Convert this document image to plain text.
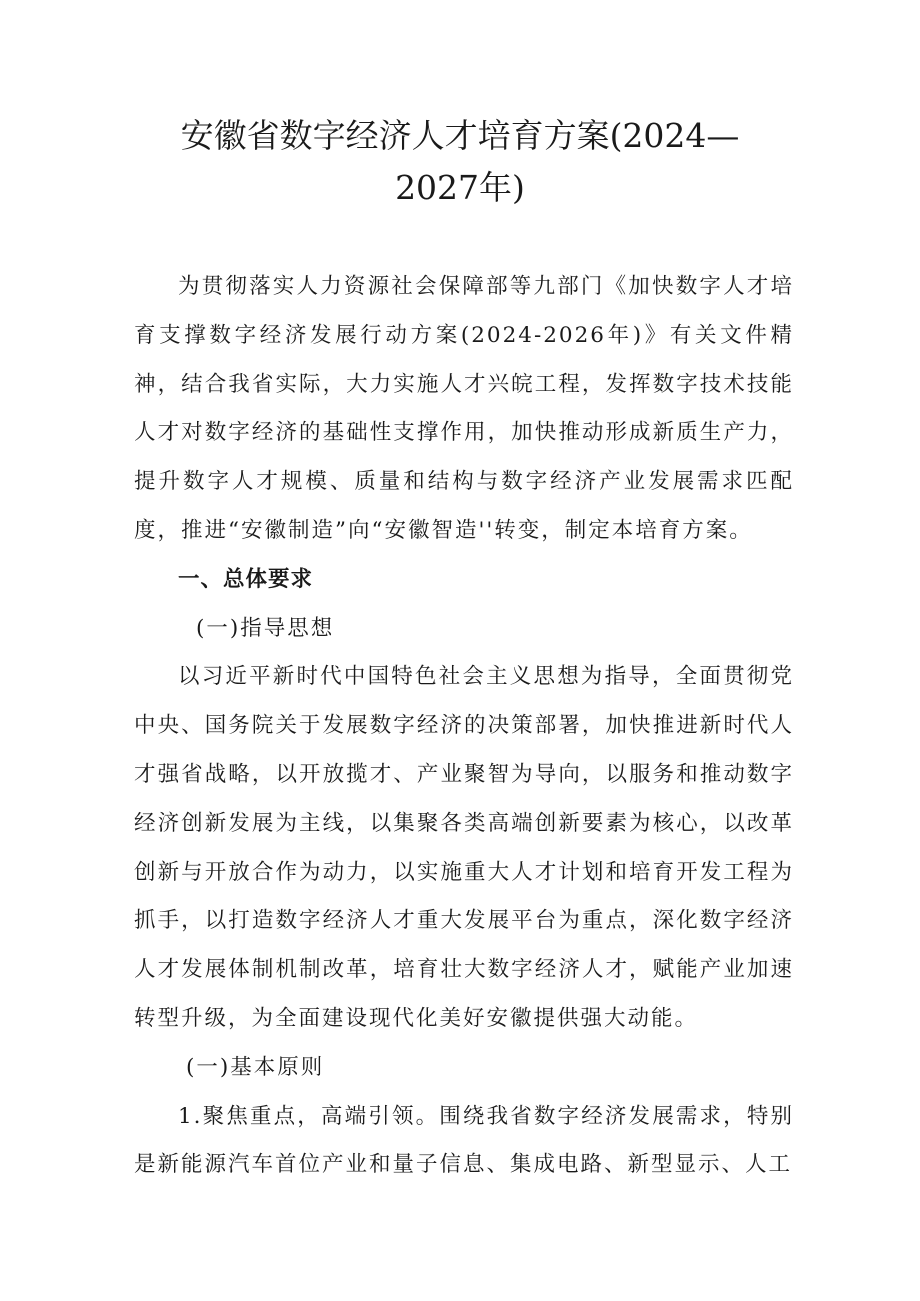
安徽省数字经济人才培育方案(2024—
2027年)

为贯彻落实人力资源社会保障部等九部门《加快数字人才培育支撑数字经济发展行动方案(2024-2026年)》有关文件精神，结合我省实际，大力实施人才兴皖工程，发挥数字技术技能人才对数字经济的基础性支撑作用，加快推动形成新质生产力，提升数字人才规模、质量和结构与数字经济产业发展需求匹配度，推进“安徽制造”向“安徽智造''转变，制定本培育方案。

一、总体要求

(一)指导思想

以习近平新时代中国特色社会主义思想为指导，全面贯彻党中央、国务院关于发展数字经济的决策部署，加快推进新时代人才强省战略，以开放揽才、产业聚智为导向，以服务和推动数字经济创新发展为主线，以集聚各类高端创新要素为核心，以改革创新与开放合作为动力，以实施重大人才计划和培育开发工程为抓手，以打造数字经济人才重大发展平台为重点，深化数字经济人才发展体制机制改革，培育壮大数字经济人才，赋能产业加速转型升级，为全面建设现代化美好安徽提供强大动能。

(一)基本原则

1.聚焦重点，高端引领。围绕我省数字经济发展需求，特别是新能源汽车首位产业和量子信息、集成电路、新型显示、人工
